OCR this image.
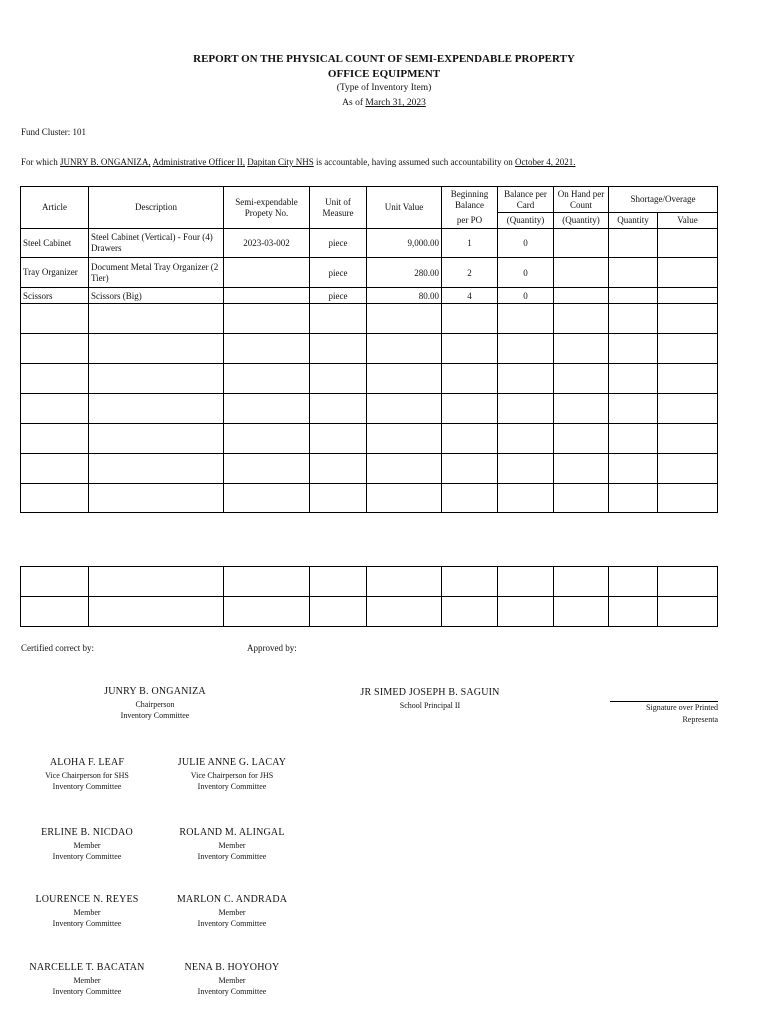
REPORT ON THE PHYSICAL COUNT OF SEMI-EXPENDABLE PROPERTY
OFFICE EQUIPMENT
(Type of Inventory Item)
As of March 31, 2023
Fund Cluster: 101
For which JUNRY B. ONGANIZA, Administrative Officer II, Dapitan City NHS is accountable, having assumed such accountability on October 4, 2021.
Article	Description	Semi-expendable Propety No.	Unit of Measure	Unit Value	Beginning Balance	Balance per Card	On Hand per Count	Shortage/Overage	
					per PO	(Quantity)	(Quantity)	Quantity	Value
Steel Cabinet	Steel Cabinet (Vertical) - Four (4) Drawers	2023-03-002	piece	9,000.00	1	0			
Tray Organizer	Document Metal Tray Organizer (2 Tier)		piece	280.00	2	0			
Scissors	Scissors (Big)		piece	80.00	4	0			

Certified correct by:	Approved by:
JUNRY B. ONGANIZA
Chairperson
Inventory Committee
JR SIMED JOSEPH B. SAGUIN
School Principal II	Signature over Printed
Representa
ALOHA F. LEAF
Vice Chairperson for SHS
Inventory Committee
JULIE ANNE G. LACAY
Vice Chairperson for JHS
Inventory Committee
ERLINE B. NICDAO
Member
Inventory Committee
ROLAND M. ALINGAL
Member
Inventory Committee
LOURENCE N. REYES
Member
Inventory Committee
MARLON C. ANDRADA
Member
Inventory Committee
NARCELLE T. BACATAN
Member
Inventory Committee
NENA B. HOYOHOY
Member
Inventory Committee
